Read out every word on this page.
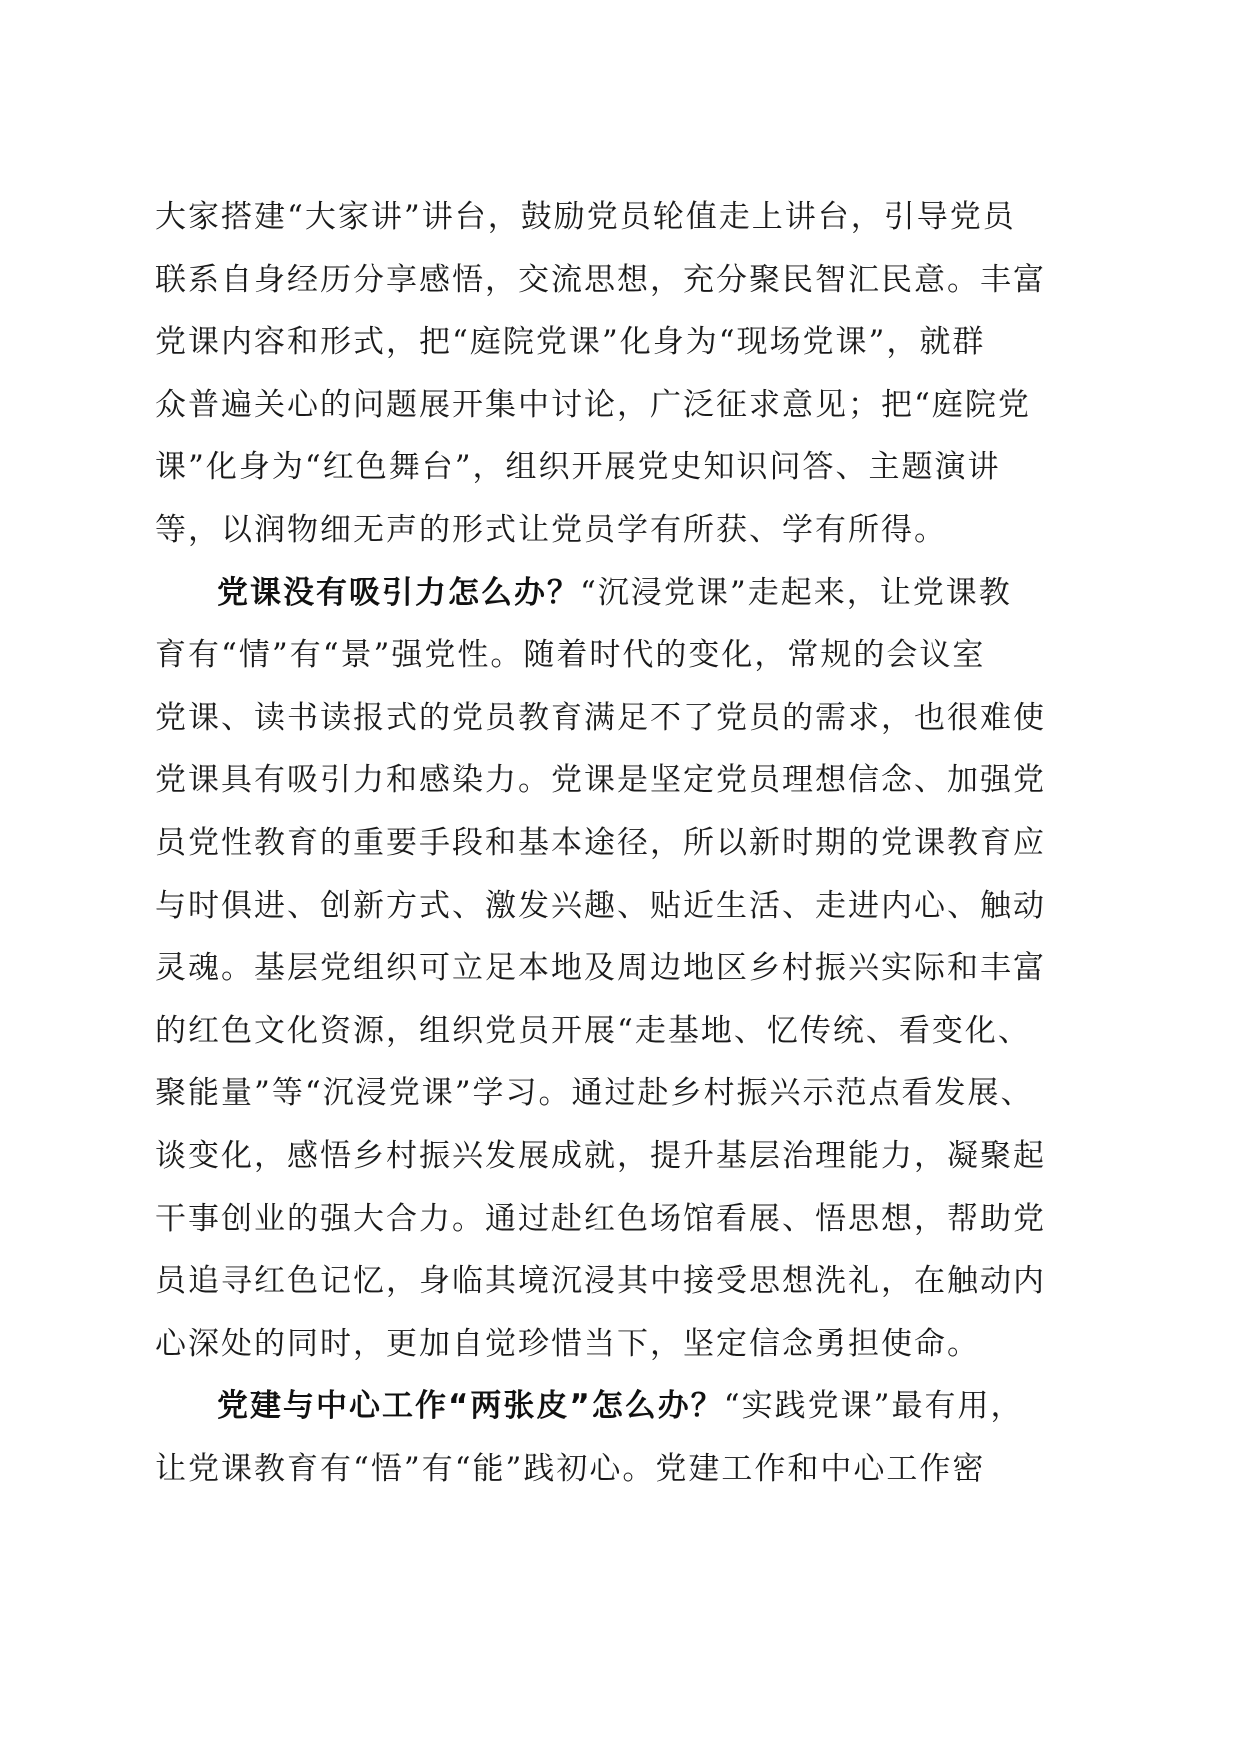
大家搭建“大家讲”讲台，鼓励党员轮值走上讲台，引导党员
联系自身经历分享感悟，交流思想，充分聚民智汇民意。丰富
党课内容和形式，把“庭院党课”化身为“现场党课”，就群
众普遍关心的问题展开集中讨论，广泛征求意见；把“庭院党
课”化身为“红色舞台”，组织开展党史知识问答、主题演讲
等，以润物细无声的形式让党员学有所获、学有所得。
党课没有吸引力怎么办？“沉浸党课”走起来，让党课教
育有“情”有“景”强党性。随着时代的变化，常规的会议室
党课、读书读报式的党员教育满足不了党员的需求，也很难使
党课具有吸引力和感染力。党课是坚定党员理想信念、加强党
员党性教育的重要手段和基本途径，所以新时期的党课教育应
与时俱进、创新方式、激发兴趣、贴近生活、走进内心、触动
灵魂。基层党组织可立足本地及周边地区乡村振兴实际和丰富
的红色文化资源，组织党员开展“走基地、忆传统、看变化、
聚能量”等“沉浸党课”学习。通过赴乡村振兴示范点看发展、
谈变化，感悟乡村振兴发展成就，提升基层治理能力，凝聚起
干事创业的强大合力。通过赴红色场馆看展、悟思想，帮助党
员追寻红色记忆，身临其境沉浸其中接受思想洗礼，在触动内
心深处的同时，更加自觉珍惜当下，坚定信念勇担使命。
党建与中心工作“两张皮”怎么办？“实践党课”最有用，
让党课教育有“悟”有“能”践初心。党建工作和中心工作密
